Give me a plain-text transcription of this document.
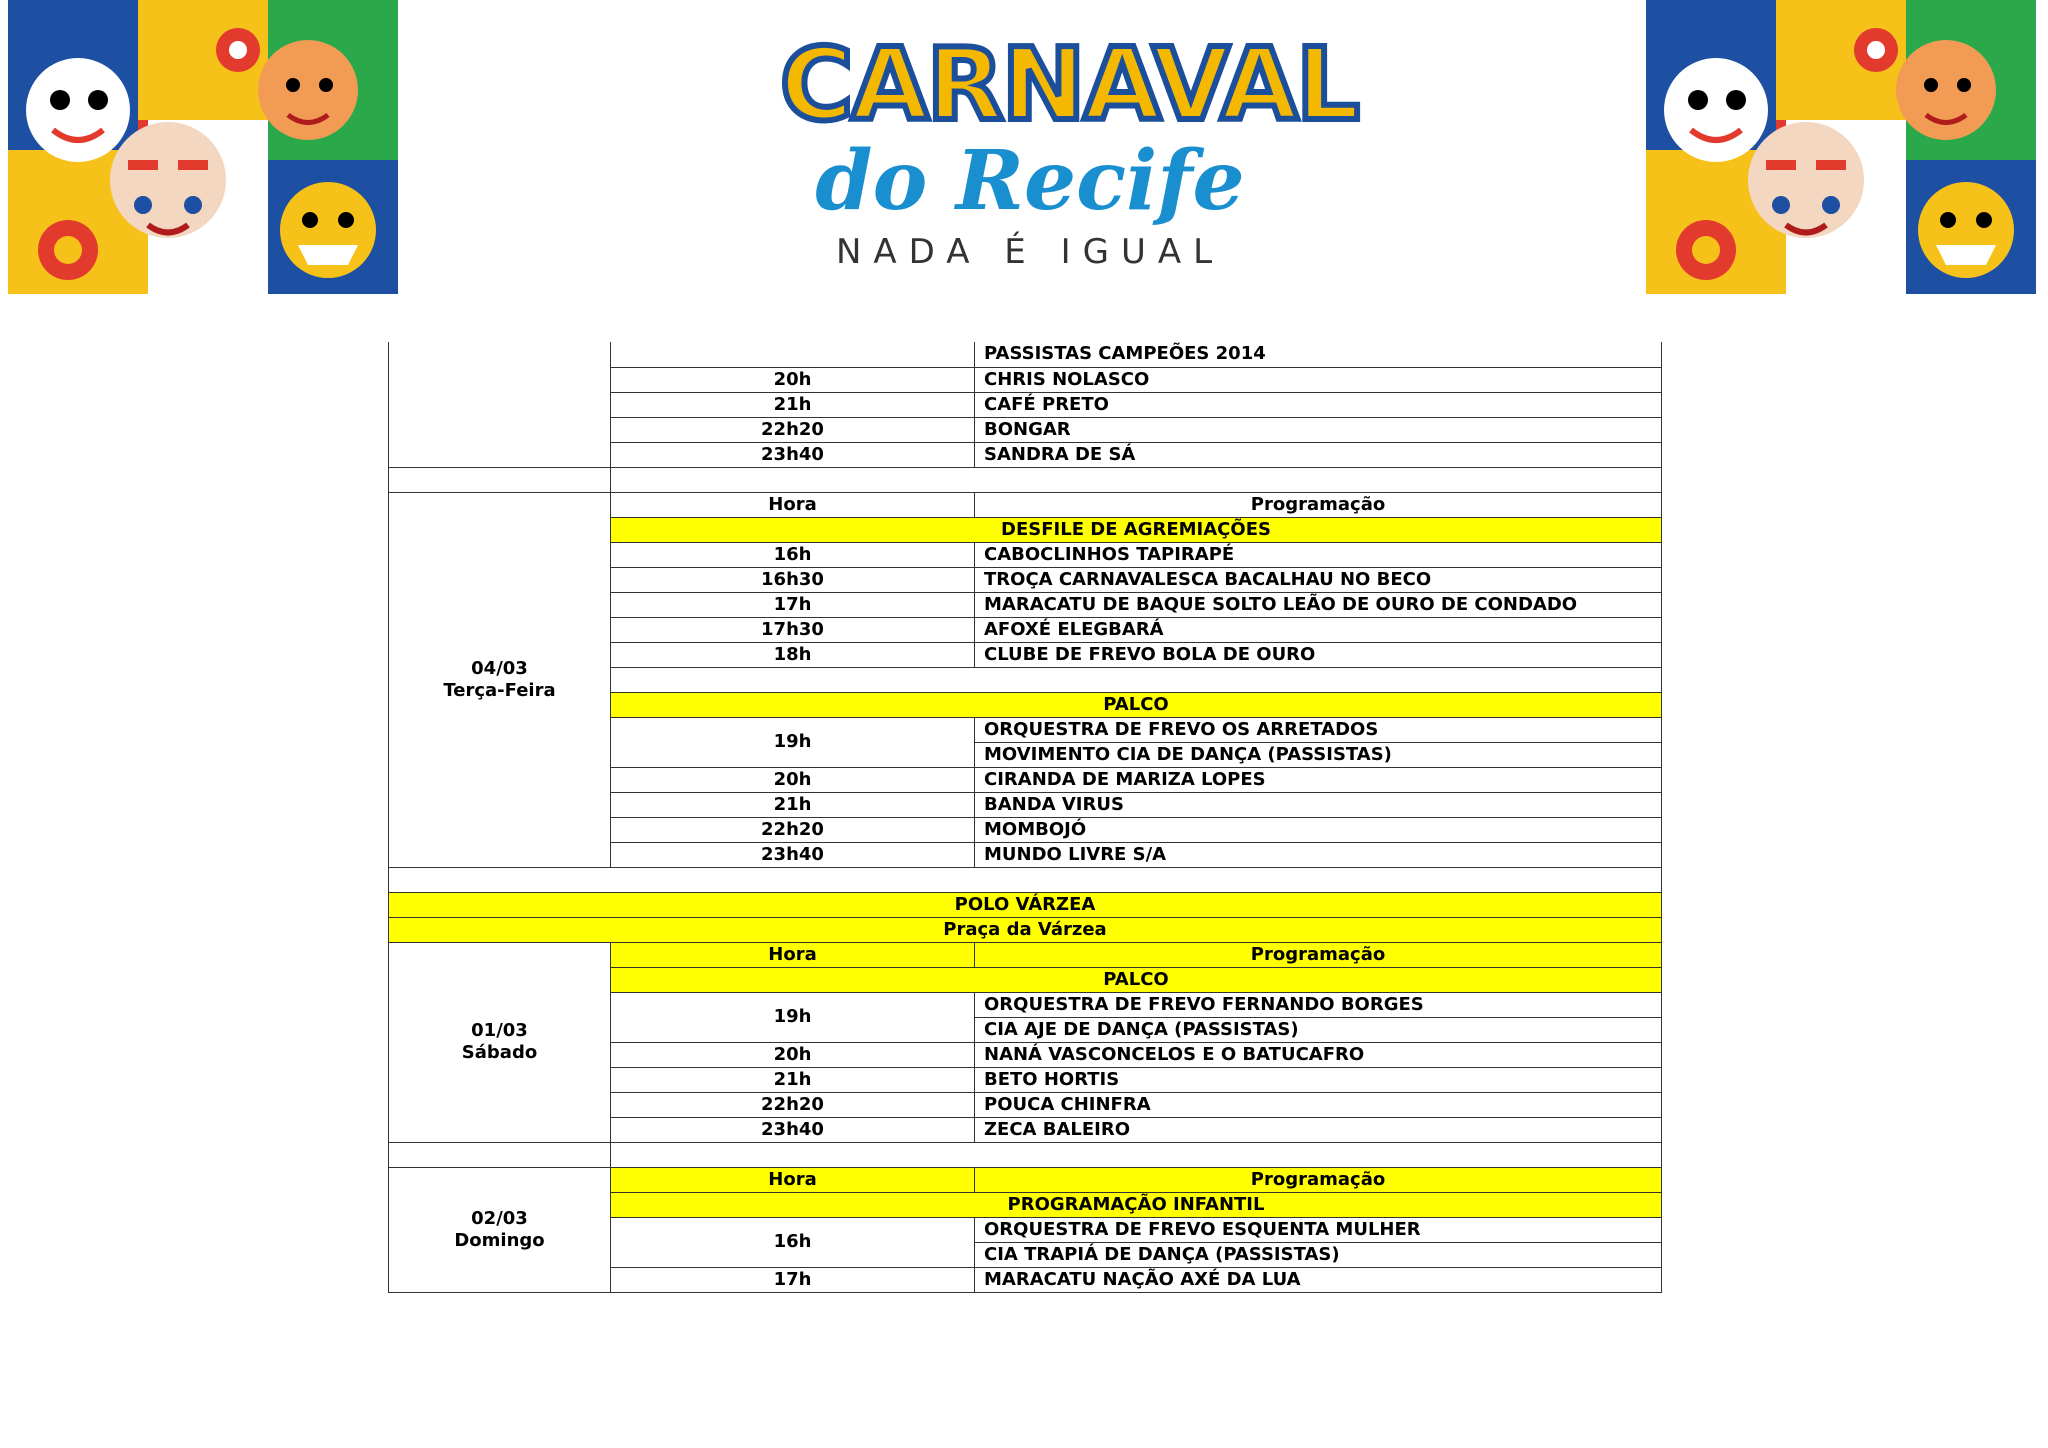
CARNAVAL
do Recife
NADA É IGUAL
		PASSISTAS CAMPEÕES 2014
	20h	CHRIS NOLASCO
	21h	CAFÉ PRETO
	22h20	BONGAR
	23h40	SANDRA DE SÁ

04/03
Terça-Feira	Hora	Programação
	DESFILE DE AGREMIAÇÕES	
	16h	CABOCLINHOS TAPIRAPÉ
	16h30	TROÇA CARNAVALESCA BACALHAU NO BECO
	17h	MARACATU DE BAQUE SOLTO LEÃO DE OURO DE CONDADO
	17h30	AFOXÉ ELEGBARÁ
	18h	CLUBE DE FREVO BOLA DE OURO

	PALCO	
	19h	ORQUESTRA DE FREVO OS ARRETADOS
		MOVIMENTO CIA DE DANÇA (PASSISTAS)
	20h	CIRANDA DE MARIZA LOPES
	21h	BANDA VIRUS
	22h20	MOMBOJÓ
	23h40	MUNDO LIVRE S/A

POLO VÁRZEA		
Praça da Várzea		

01/03
Sábado	Hora	Programação
	PALCO	
	19h	ORQUESTRA DE FREVO FERNANDO BORGES
		CIA AJE DE DANÇA (PASSISTAS)
	20h	NANÁ VASCONCELOS E O BATUCAFRO
	21h	BETO HORTIS
	22h20	POUCA CHINFRA
	23h40	ZECA BALEIRO

02/03
Domingo	Hora	Programação
	PROGRAMAÇÃO INFANTIL	
	16h	ORQUESTRA DE FREVO ESQUENTA MULHER
		CIA TRAPIÁ DE DANÇA (PASSISTAS)
	17h	MARACATU NAÇÃO AXÉ DA LUA
